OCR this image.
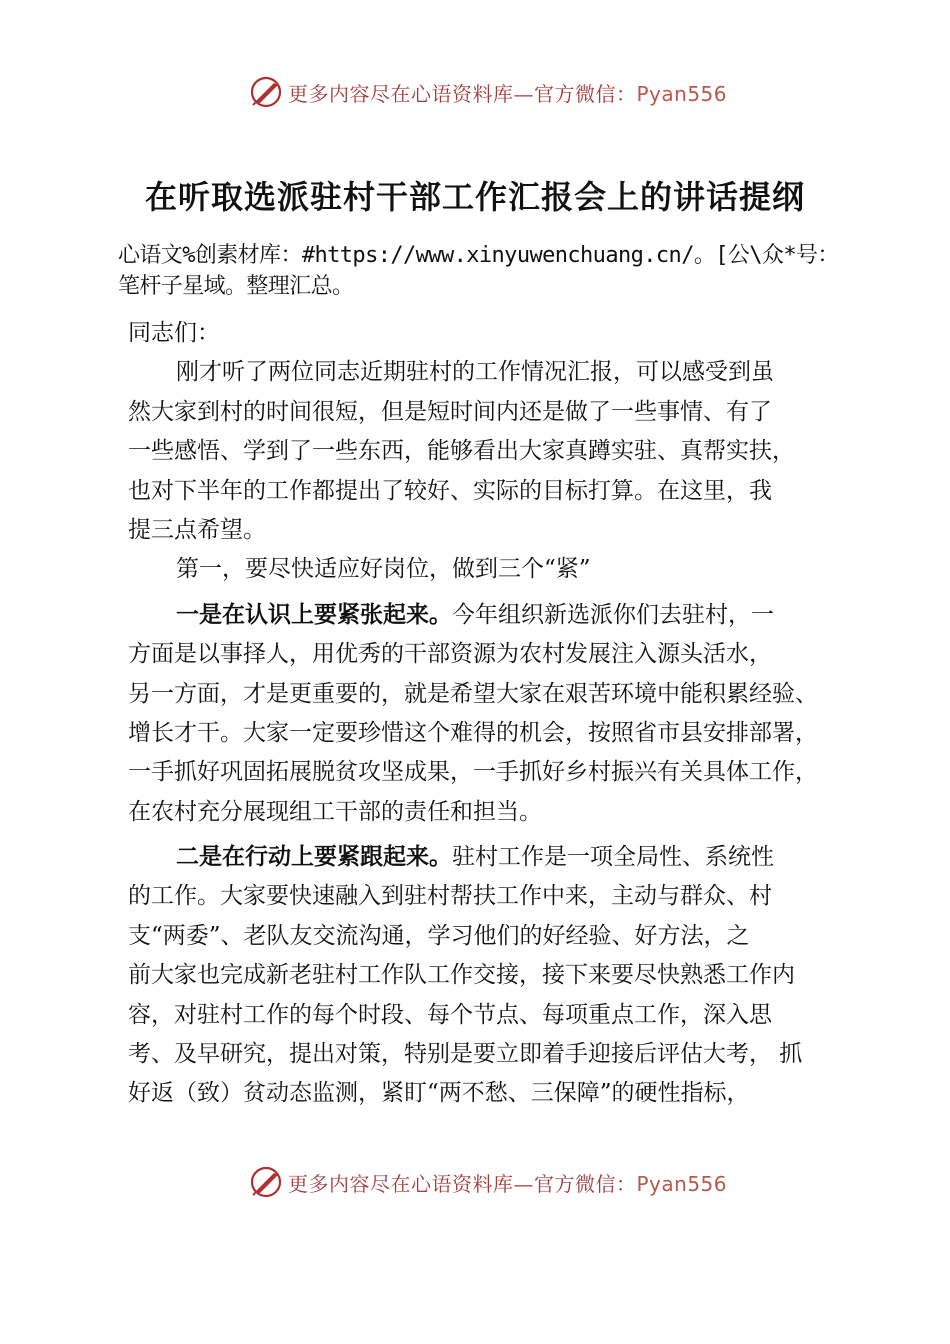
更多内容尽在心语资料库—官方微信：Pyan556
在听取选派驻村干部工作汇报会上的讲话提纲
心语文%创素材库：#https://www.xinyuwenchuang.cn/。[公\众*号：
笔杆子星域。整理汇总。
同志们：
刚才听了两位同志近期驻村的工作情况汇报，可以感受到虽
然大家到村的时间很短，但是短时间内还是做了一些事情、有了
一些感悟、学到了一些东西，能够看出大家真蹲实驻、真帮实扶，
也对下半年的工作都提出了较好、实际的目标打算。在这里，我
提三点希望。
第一，要尽快适应好岗位，做到三个“紧”
一是在认识上要紧张起来。今年组织新选派你们去驻村，一
方面是以事择人，用优秀的干部资源为农村发展注入源头活水，
另一方面，才是更重要的，就是希望大家在艰苦环境中能积累经验、
增长才干。大家一定要珍惜这个难得的机会，按照省市县安排部署，
一手抓好巩固拓展脱贫攻坚成果，一手抓好乡村振兴有关具体工作，
在农村充分展现组工干部的责任和担当。
二是在行动上要紧跟起来。驻村工作是一项全局性、系统性
的工作。大家要快速融入到驻村帮扶工作中来，主动与群众、村
支“两委”、老队友交流沟通，学习他们的好经验、好方法，之
前大家也完成新老驻村工作队工作交接，接下来要尽快熟悉工作内
容，对驻村工作的每个时段、每个节点、每项重点工作，深入思
考、及早研究，提出对策，特别是要立即着手迎接后评估大考， 抓
好返（致）贫动态监测，紧盯“两不愁、三保障”的硬性指标，
更多内容尽在心语资料库—官方微信：Pyan556
